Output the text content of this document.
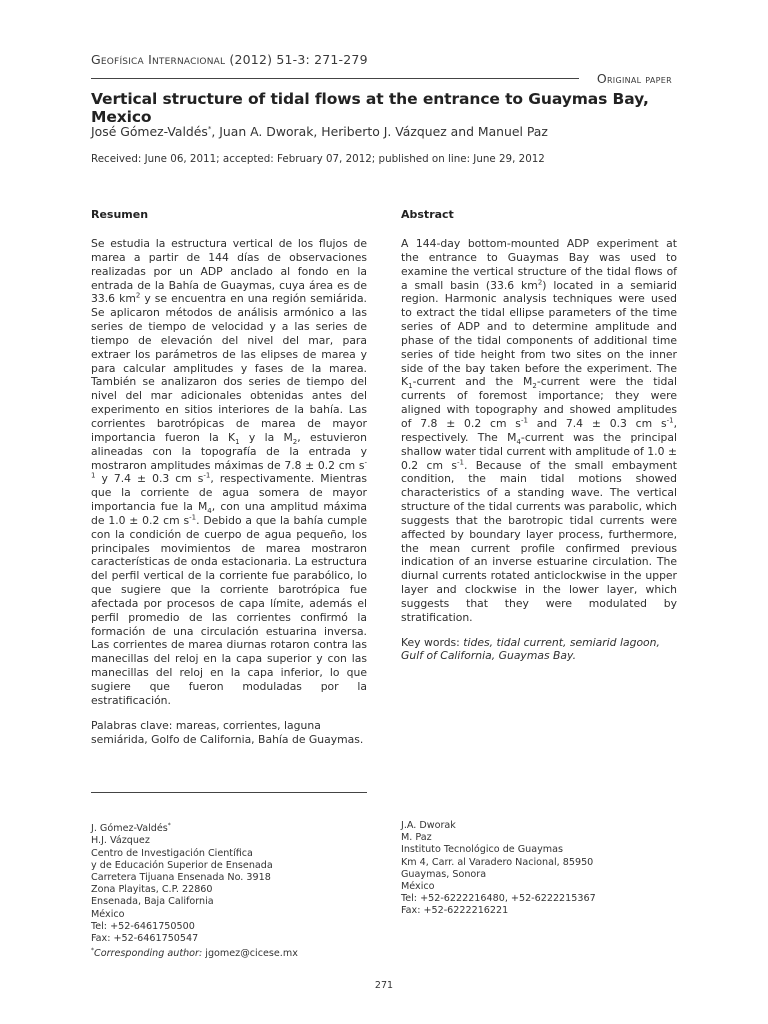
Geofísica Internacional (2012) 51-3: 271-279
Original paper
Vertical structure of tidal flows at the entrance to Guaymas Bay, Mexico
José Gómez-Valdés*, Juan A. Dworak, Heriberto J. Vázquez and Manuel Paz
Received: June 06, 2011; accepted: February 07, 2012; published on line: June 29, 2012
Resumen	Abstract

Se estudia la estructura vertical de los flujos de marea a partir de 144 días de observaciones realizadas por un ADP anclado al fondo en la entrada de la Bahía de Guaymas, cuya área es de 33.6 $km^2$ y se encuentra en una región semiárida. Se aplicaron métodos de análisis armónico a las series de tiempo de velocidad y a las series de tiempo de elevación del nivel del mar, para extraer los parámetros de las elipses de marea y para calcular amplitudes y fases de la marea. También se analizaron dos series de tiempo del nivel del mar adicionales obtenidas antes del experimento en sitios interiores de la bahía. Las corrientes barotrópicas de marea de mayor importancia fueron la $K_1$ y la $M_2$, estuvieron alineadas con la topografía de la entrada y mostraron amplitudes máximas de 7.8 ± 0.2 cm $s^{-1}$ y 7.4 ± 0.3 cm $s^{-1}$, respectivamente. Mientras que la corriente de agua somera de mayor importancia fue la $M_4$, con una amplitud máxima de 1.0 ± 0.2 cm $s^{-1}$. Debido a que la bahía cumple con la condición de cuerpo de agua pequeño, los principales movimientos de marea mostraron características de onda estacionaria. La estructura del perfil vertical de la corriente fue parabólico, lo que sugiere que la corriente barotrópica fue afectada por procesos de capa límite, además el perfil promedio de las corrientes confirmó la formación de una circulación estuarina inversa. Las corrientes de marea diurnas rotaron contra las manecillas del reloj en la capa superior y con las manecillas del reloj en la capa inferior, lo que sugiere que fueron moduladas por la estratificación.

Palabras clave: mareas, corrientes, laguna semiárida, Golfo de California, Bahía de Guaymas.

A 144-day bottom-mounted ADP experiment at the entrance to Guaymas Bay was used to examine the vertical structure of the tidal flows of a small basin (33.6 $km^2$) located in a semiarid region. Harmonic analysis techniques were used to extract the tidal ellipse parameters of the time series of ADP and to determine amplitude and phase of the tidal components of additional time series of tide height from two sites on the inner side of the bay taken before the experiment. The $K_1$-current and the $M_2$-current were the tidal currents of foremost importance; they were aligned with topography and showed amplitudes of 7.8 ± 0.2 cm $s^{-1}$ and 7.4 ± 0.3 cm $s^{-1}$, respectively. The $M_4$-current was the principal shallow water tidal current with amplitude of 1.0 ± 0.2 cm $s^{-1}$. Because of the small embayment condition, the main tidal motions showed characteristics of a standing wave. The vertical structure of the tidal currents was parabolic, which suggests that the barotropic tidal currents were affected by boundary layer process, furthermore, the mean current profile confirmed previous indication of an inverse estuarine circulation. The diurnal currents rotated anticlockwise in the upper layer and clockwise in the lower layer, which suggests that they were modulated by stratification.

Key words: tides, tidal current, semiarid lagoon, Gulf of California, Guaymas Bay.

J. Gómez-Valdés*
H.J. Vázquez
Centro de Investigación Científica
y de Educación Superior de Ensenada
Carretera Tijuana Ensenada No. 3918
Zona Playitas, C.P. 22860
Ensenada, Baja California
México
Tel: +52-6461750500
Fax: +52-6461750547
*Corresponding author: jgomez@cicese.mx
J.A. Dworak
M. Paz
Instituto Tecnológico de Guaymas
Km 4, Carr. al Varadero Nacional, 85950
Guaymas, Sonora
México
Tel: +52-6222216480, +52-6222215367
Fax: +52-6222216221
271
